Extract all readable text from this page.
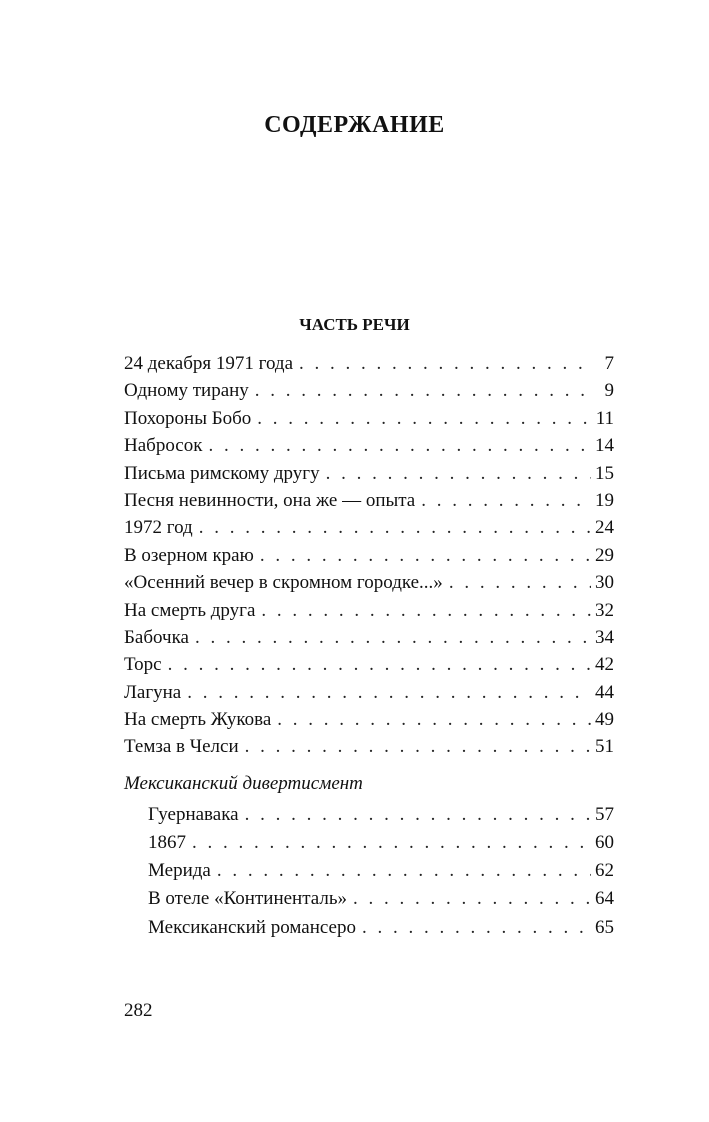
СОДЕРЖАНИЕ
ЧАСТЬ РЕЧИ
24 декабря 1971 года . . .	7
Одному тирану . . .	9
Похороны Бобо . . .	11
Набросок . . .	14
Письма римскому другу . . .	15
Песня невинности, она же — опыта . . .	19
1972 год . . .	24
В озерном краю . . .	29
«Осенний вечер в скромном городке...» . . .	30
На смерть друга . . .	32
Бабочка . . .	34
Торс . . .	42
Лагуна . . .	44
На смерть Жукова . . .	49
Темза в Челси . . .	51
Мексиканский дивертисмент
Гуернавака . . .	57
1867 . . .	60
Мерида . . .	62
В отеле «Континенталь» . . .	64
Мексиканский романсеро . . .	65
282
